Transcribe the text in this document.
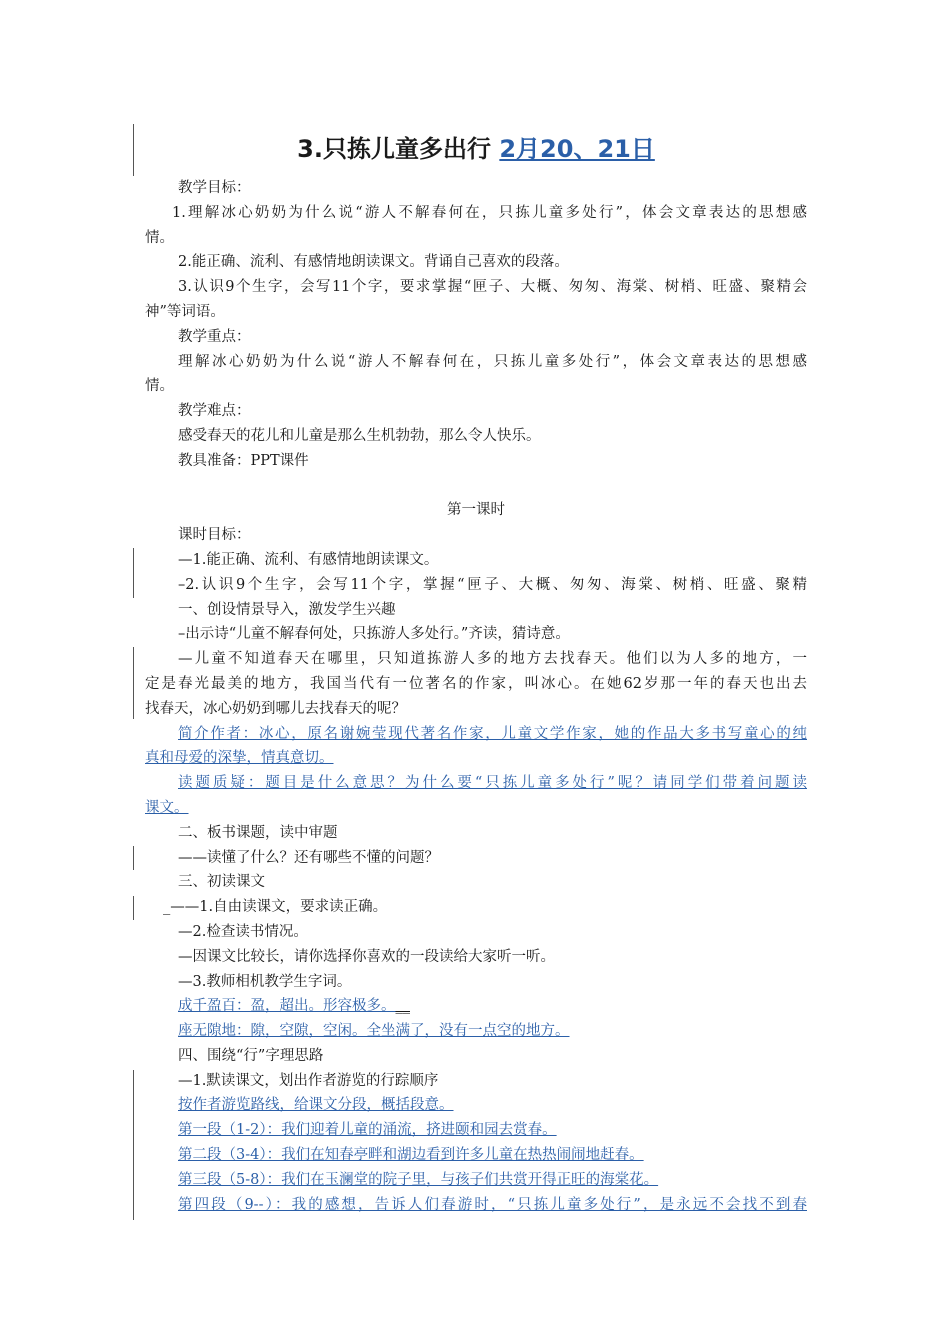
3.只拣儿童多出行 2月20、21日
教学目标：
1.理解冰心奶奶为什么说“游人不解春何在，只拣儿童多处行”，体会文章表达的思想感
情。
2.能正确、流利、有感情地朗读课文。背诵自己喜欢的段落。
3.认识9个生字，会写11个字，要求掌握“匣子、大概、匆匆、海棠、树梢、旺盛、聚精会
神”等词语。
教学重点：
理解冰心奶奶为什么说“游人不解春何在，只拣儿童多处行”，体会文章表达的思想感
情。
教学难点：
感受春天的花儿和儿童是那么生机勃勃，那么令人快乐。
教具准备：PPT课件
第一课时
课时目标：
—1.能正确、流利、有感情地朗读课文。
–2.认识9个生字，会写11个字，掌握“匣子、大概、匆匆、海棠、树梢、旺盛、聚精
一、创设情景导入，激发学生兴趣
–出示诗“儿童不解春何处，只拣游人多处行。”齐读，猜诗意。
—儿童不知道春天在哪里，只知道拣游人多的地方去找春天。他们以为人多的地方，一
定是春光最美的地方，我国当代有一位著名的作家，叫冰心。在她62岁那一年的春天也出去
找春天，冰心奶奶到哪儿去找春天的呢？
简介作者：冰心，原名谢婉莹现代著名作家，儿童文学作家，她的作品大多书写童心的纯
真和母爱的深挚，情真意切。
读题质疑：题目是什么意思？为什么要“只拣儿童多处行”呢？请同学们带着问题读
课文。
二、板书课题，读中审题
——读懂了什么？还有哪些不懂的问题？
三、初读课文
_——1.自由读课文，要求读正确。
—2.检查读书情况。
—因课文比较长，请你选择你喜欢的一段读给大家听一听。
—3.教师相机教学生字词。
成千盈百：盈，超出。形容极多。__
座无隙地：隙，空隙，空闲。全坐满了，没有一点空的地方。
四、围绕“行”字理思路
—1.默读课文，划出作者游览的行踪顺序
按作者游览路线，给课文分段，概括段意。
第一段（1-2）：我们迎着儿童的涌流，挤进颐和园去赏春。
第二段（3-4）：我们在知春亭畔和湖边看到许多儿童在热热闹闹地赶春。
第三段（5-8）：我们在玉澜堂的院子里，与孩子们共赏开得正旺的海棠花。
第四段（9--）：我的感想，告诉人们春游时，“只拣儿童多处行”，是永远不会找不到春
